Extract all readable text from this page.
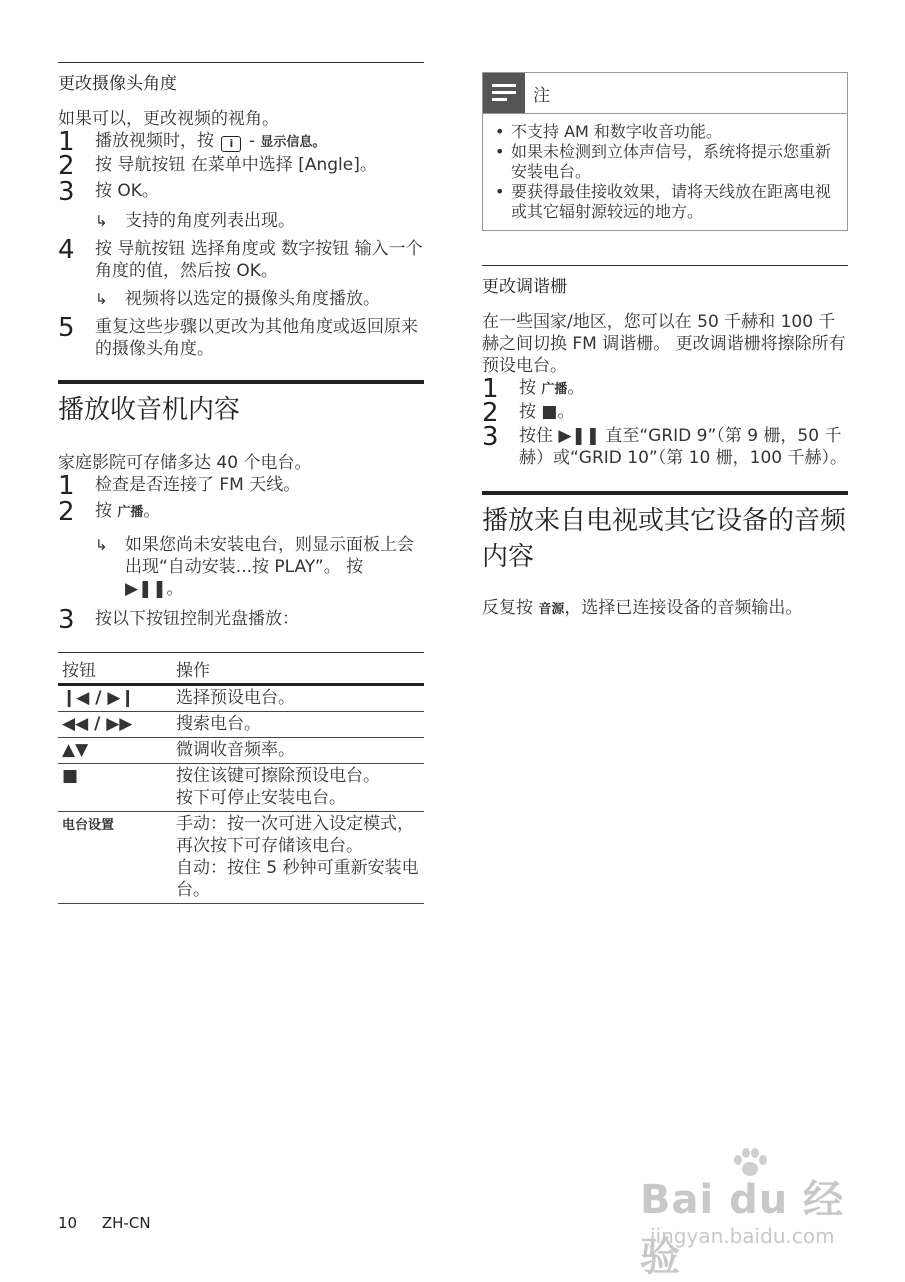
更改摄像头角度

如果可以，更改视频的视角。

1	播放视频时，按 i - 显示信息。
2	按 导航按钮 在菜单中选择 [Angle]。
3	按 OK。
↳	支持的角度列表出现。
4	按 导航按钮 选择角度或 数字按钮 输入一个角度的值，然后按 OK。
↳	视频将以选定的摄像头角度播放。
5	重复这些步骤以更改为其他角度或返回原来的摄像头角度。
播放收音机内容

家庭影院可存储多达 40 个电台。

1	检查是否连接了 FM 天线。
2	按 广播。
↳	如果您尚未安装电台，则显示面板上会出现“自动安装...按 PLAY”。 按 ▶❚❚。
3	按以下按钮控制光盘播放：
按钮	操作
❙◀ / ▶❙	选择预设电台。
◀◀ / ▶▶	搜索电台。
▲▼	微调收音频率。
■	按住该键可擦除预设电台。
按下可停止安装电台。

电台设置	手动：按一次可进入设定模式，再次按下可存储该电台。
自动：按住 5 秒钟可重新安装电台。
注
• 不支持 AM 和数字收音功能。
• 如果未检测到立体声信号，系统将提示您重新安装电台。
• 要获得最佳接收效果，请将天线放在距离电视或其它辐射源较远的地方。
更改调谐栅

在一些国家/地区，您可以在 50 千赫和 100 千赫之间切换 FM 调谐栅。 更改调谐栅将擦除所有预设电台。

1	按 广播。
2	按 ■。
3	按住 ▶❚❚ 直至“GRID 9”（第 9 栅，50 千赫）或“GRID 10”（第 10 栅，100 千赫）。
播放来自电视或其它设备的音频内容

反复按 音源，选择已连接设备的音频输出。

10 ZH-CN	Bai du 经验
jingyan.baidu.com
